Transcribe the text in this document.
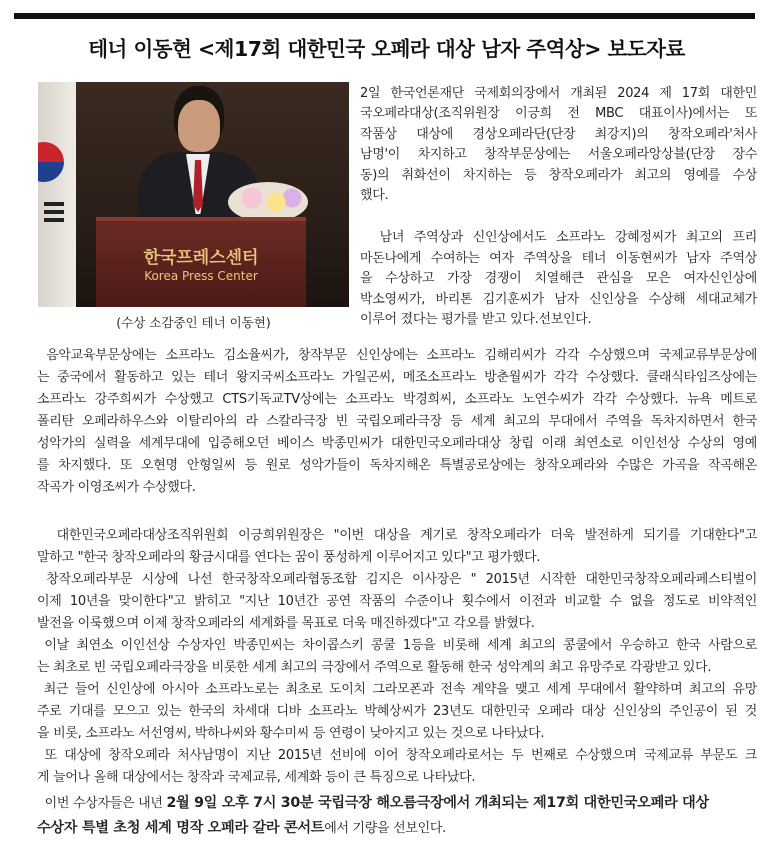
테너 이동현 <제17회 대한민국 오페라 대상 남자 주역상> 보도자료
한국프레스센터
Korea Press Center
(수상 소감중인 테너 이동현)
2일 한국언론재단 국제회의장에서 개최된 2024 제 17회 대한민
국오페라대상(조직위원장 이긍희 전 MBC 대표이사)에서는 또
작품상 대상에 경상오페라단(단장 최강지)의 창작오페라'처사
남명'이 차지하고 창작부문상에는 서울오페라앙상블(단장 장수
동)의 취화선이 차지하는 등 창작오페라가 최고의 영예를 수상
했다.
남녀 주역상과 신인상에서도 소프라노 강혜정씨가 최고의 프리
마돈나에게 수여하는 여자 주역상을 테너 이동현씨가 남자 주역상
을 수상하고 가장 경쟁이 치열해큰 관심을 모은 여자신인상에
박소영씨가, 바리톤 김기훈씨가 남자 신인상을 수상해 세대교체가
이루어 졌다는 평가를 받고 있다.선보인다.
음악교육부문상에는 소프라노 김소율씨가, 창작부문 신인상에는 소프라노 김해리씨가 각각 수상했으며 국제교류부문상에
는 중국에서 활동하고 있는 테너 왕지국씨소프라노 가일곤씨, 메조소프라노 방춘월씨가 각각 수상했다. 클래식타임즈상에는
소프라노 강주희씨가 수상했고 CTS기독교TV상에는 소프라노 박경희씨, 소프라노 노연수씨가 각각 수상했다. 뉴욕 메트로
폴리탄 오페라하우스와 이탈리아의 라 스칼라극장 빈 국립오페라극장 등 세계 최고의 무대에서 주역을 독차지하면서 한국
성악가의 실력을 세계무대에 입증해오던 베이스 박종민씨가 대한민국오페라대상 창립 이래 최연소로 이인선상 수상의 영예
를 차지했다. 또 오현명 안형일씨 등 원로 성악가들이 독차지해온 특별공로상에는 창작오페라와 수많은 가곡을 작곡해온
작곡가 이영조씨가 수상했다.
대한민국오페라대상조직위원회 이긍희위원장은 "이번 대상을 계기로 창작오페라가 더욱 발전하게 되기를 기대한다"고
말하고 "한국 창작오페라의 황금시대를 연다는 꿈이 풍성하게 이루어지고 있다"고 평가했다.
창작오페라부문 시상에 나선 한국창작오페라협동조합 김지은 이사장은 " 2015년 시작한 대한민국창작오페라페스티벌이
이제 10년을 맞이한다"고 밝히고 "지난 10년간 공연 작품의 수준이나 횟수에서 이전과 비교할 수 없을 정도로 비약적인
발전을 이룩했으며 이제 창작오페라의 세계화를 목표로 더욱 매진하겠다"고 각오를 밝혔다.
이날 최연소 이인선상 수상자인 박종민씨는 차이콥스키 콩쿨 1등을 비롯해 세계 최고의 콩쿨에서 우승하고 한국 사람으로
는 최초로 빈 국립오페라극장을 비롯한 세계 최고의 극장에서 주역으로 활동해 한국 성악계의 최고 유망주로 각광받고 있다.
최근 들어 신인상에 아시아 소프라노로는 최초로 도이치 그라모폰과 전속 계약을 맺고 세계 무대에서 활약하며 최고의 유망
주로 기대를 모으고 있는 한국의 차세대 디바 소프라노 박혜상씨가 23년도 대한민국 오페라 대상 신인상의 주인공이 된 것
을 비롯, 소프라노 서선영씨, 박하나씨와 황수미씨 등 연령이 낮아지고 있는 것으로 나타났다.
또 대상에 창작오페라 처사남명이 지난 2015년 선비에 이어 창작오페라로서는 두 번째로 수상했으며 국제교류 부문도 크
게 늘어나 올해 대상에서는 창작과 국제교류, 세계화 등이 큰 특징으로 나타났다.
이번 수상자들은 내년 2월 9일 오후 7시 30분 국립극장 해오름극장에서 개최되는 제17회 대한민국오페라 대상
수상자 특별 초청 세계 명작 오페라 갈라 콘서트에서 기량을 선보인다.
